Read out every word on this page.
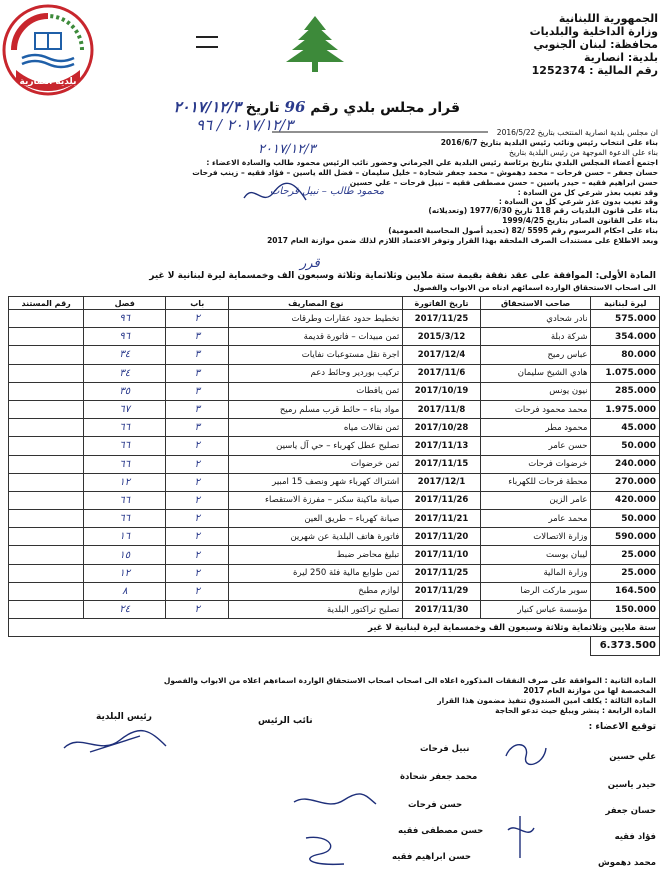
الجمهورية اللبنانية
وزارة الداخلية والبلديات
محافظة: لبنان الجنوبي
بلدية: انصارية
رقم المالية : 1252374
بلدية انصارية
قرار مجلس بلدي رقم 96 تاريخ ٢٠١٧/١٢/٣
٢٠١٧/١٢/٣ / ٩٦	ان مجلس بلدية انصارية المنتخب بتاريخ 2016/5/22
بناء على انتخاب رئيس ونائب رئيس البلدية بتاريخ 2016/6/7
بناء على الدعوة الموجهة من رئيس البلدية بتاريخ
اجتمع أعضاء المجلس البلدي بتاريخ برئاسة رئيس البلدية علي الجرماني وحضور نائب الرئيس محمود طالب والسادة الاعضاء :
حسان جعفر – حسن فرحات – محمد دهموش – محمد جعفر شحادة – خليل سليمان – فضل الله ياسين – فؤاد فقيه – زينب فرحات
حسن ابراهيم فقيه – حيدر ياسين – حسن مصطفى فقيه – نبيل فرحات – علي حسين
وقد تغيب بعذر شرعي كل من السادة :
وقد تغيب بدون عذر شرعي كل من السادة :
بناء على قانون البلديات رقم 118 تاريخ 1977/6/30 (وتعديلاته)
بناء على القانون الصادر بتاريخ 1999/4/25
بناء على احكام المرسوم رقم 5595 /82 (تحديد أصول المحاسبة العمومية)
وبعد الاطلاع على مستندات الصرف الملحقة بهذا القرار وتوفر الاعتماد اللازم لذلك ضمن موازنة العام 2017
٢٠١٧/١٢/٣
محمود طالب – نبيل فرحات
قرر
المادة الأولى: الموافقة على عقد نفقة بقيمة ستة ملايين وثلاثماية وثلاثة وسبعون الف وخمسماية ليرة لبنانية لا غير
الى اصحاب الاستحقاق الواردة اسمائهم ادناه من الابواب والفصول
ليرة لبنانية	صاحب الاستحقاق	تاريخ الفاتورة	نوع المصاريف	باب	فصل	رقم المستند
575.000	نادر شحادي	2017/11/25	تخطيط حدود عقارات وطرقات	٢	٩٦	
354.000	شركة دبلة	2015/3/12	ثمن مبيدات – فاتورة قديمة	٣	٩٦	
80.000	عباس رميح	2017/12/4	اجرة نقل مستوعبات نفايات	٣	٣٤	
1.075.000	هادي الشيخ سليمان	2017/11/6	تركيب بوردير وحائط دعم	٣	٣٤	
285.000	نيون يونس	2017/10/19	ثمن يافطات	٣	٣٥	
1.975.000	محمد محمود فرحات	2017/11/8	مواد بناء – حائط قرب مسلم رميح	٣	٦٧	
45.000	محمود مطر	2017/10/28	ثمن نقالات مياه	٣	٦٦	
50.000	حسن عامر	2017/11/13	تصليح عطل كهرباء – حي آل ياسين	٢	٦٦	
240.000	خرضوات فرحات	2017/11/15	ثمن خرضوات	٢	٦٦	
270.000	محطة فرحات للكهرباء	2017/12/1	اشتراك كهرباء شهر ونصف 15 امبير	٢	١٢	
420.000	عامر الزين	2017/11/26	صيانة ماكينة سكنر – مفرزة الاستقصاء	٢	٦٦	
50.000	محمد عامر	2017/11/21	صيانة كهرباء – طريق العين	٢	٦٦	
590.000	وزارة الاتصالات	2017/11/20	فاتورة هاتف البلدية عن شهرين	٢	١٦	
25.000	ليبان بوست	2017/11/10	تبليغ محاضر ضبط	٢	١٥	
25.000	وزارة المالية	2017/11/25	ثمن طوابع مالية فئة 250 ليرة	٢	١٢	
164.500	سوبر ماركت الرضا	2017/11/29	لوازم مطبخ	٢	٨	
150.000	مؤسسة عباس كنيار	2017/11/30	تصليح تراكتور البلدية	٢	٢٤	
ستة ملايين وثلاثماية وثلاثة وسبعون الف وخمسماية ليرة لبنانية لا غير						
6.373.500						
المادة الثانية : الموافقة على صرف النفقات المذكورة اعلاه الى اصحاب اصحاب الاستحقاق الواردة اسماءهم اعلاه من الابواب والفصول
المخصصة لها من موازنة العام 2017
المادة الثالثة : يكلف امين الصندوق تنفيذ مضمون هذا القرار
المادة الرابعة : ينشر ويبلغ حيث تدعو الحاجة
رئيس البلدية	نائب الرئيس
توقيع الاعضاء :
نبيل فرحات
محمد جعفر شحادة
حسن فرحات
حسن مصطفى فقيه
حسن ابراهيم فقيه
علي حسين
حيدر ياسين
حسان جعفر
فؤاد فقيه
محمد دهموش
